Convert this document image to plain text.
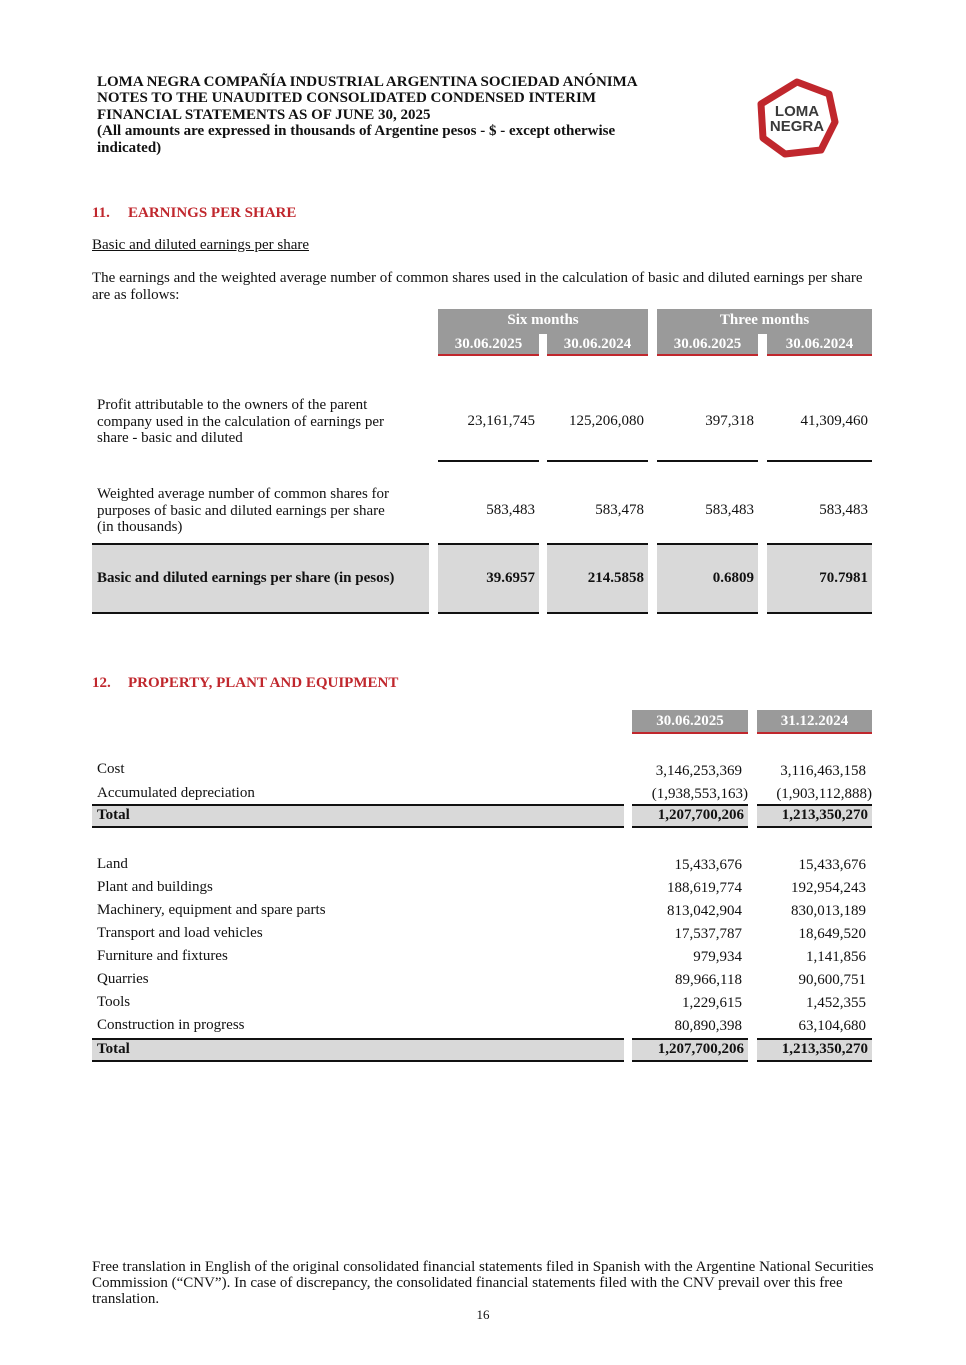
LOMA NEGRA COMPAÑÍA INDUSTRIAL ARGENTINA SOCIEDAD ANÓNIMA
NOTES TO THE UNAUDITED CONSOLIDATED CONDENSED INTERIM
FINANCIAL STATEMENTS AS OF JUNE 30, 2025
(All amounts are expressed in thousands of Argentine pesos - $ - except otherwise
indicated)
LOMA
NEGRA
11. EARNINGS PER SHARE
Basic and diluted earnings per share
The earnings and the weighted average number of common shares used in the calculation of basic and diluted earnings per share are as follows:
Six months	Three months
30.06.2025	30.06.2024	30.06.2025	30.06.2024
Profit attributable to the owners of the parent
company used in the calculation of earnings per
share - basic and diluted
23,161,745	125,206,080	397,318	41,309,460
Weighted average number of common shares for
purposes of basic and diluted earnings per share
(in thousands)
583,483	583,478	583,483	583,483
Basic and diluted earnings per share (in pesos)	39.6957	214.5858	0.6809	70.7981
12. PROPERTY, PLANT AND EQUIPMENT
30.06.2025	31.12.2024
Cost	3,146,253,369	3,116,463,158
Accumulated depreciation	(1,938,553,163)	(1,903,112,888)
Total	1,207,700,206	1,213,350,270
Land	15,433,676	15,433,676
Plant and buildings	188,619,774	192,954,243
Machinery, equipment and spare parts	813,042,904	830,013,189
Transport and load vehicles	17,537,787	18,649,520
Furniture and fixtures	979,934	1,141,856
Quarries	89,966,118	90,600,751
Tools	1,229,615	1,452,355
Construction in progress	80,890,398	63,104,680
Total	1,207,700,206	1,213,350,270
Free translation in English of the original consolidated financial statements filed in Spanish with the Argentine National Securities Commission (“CNV”). In case of discrepancy, the consolidated financial statements filed with the CNV prevail over this free translation.
16
